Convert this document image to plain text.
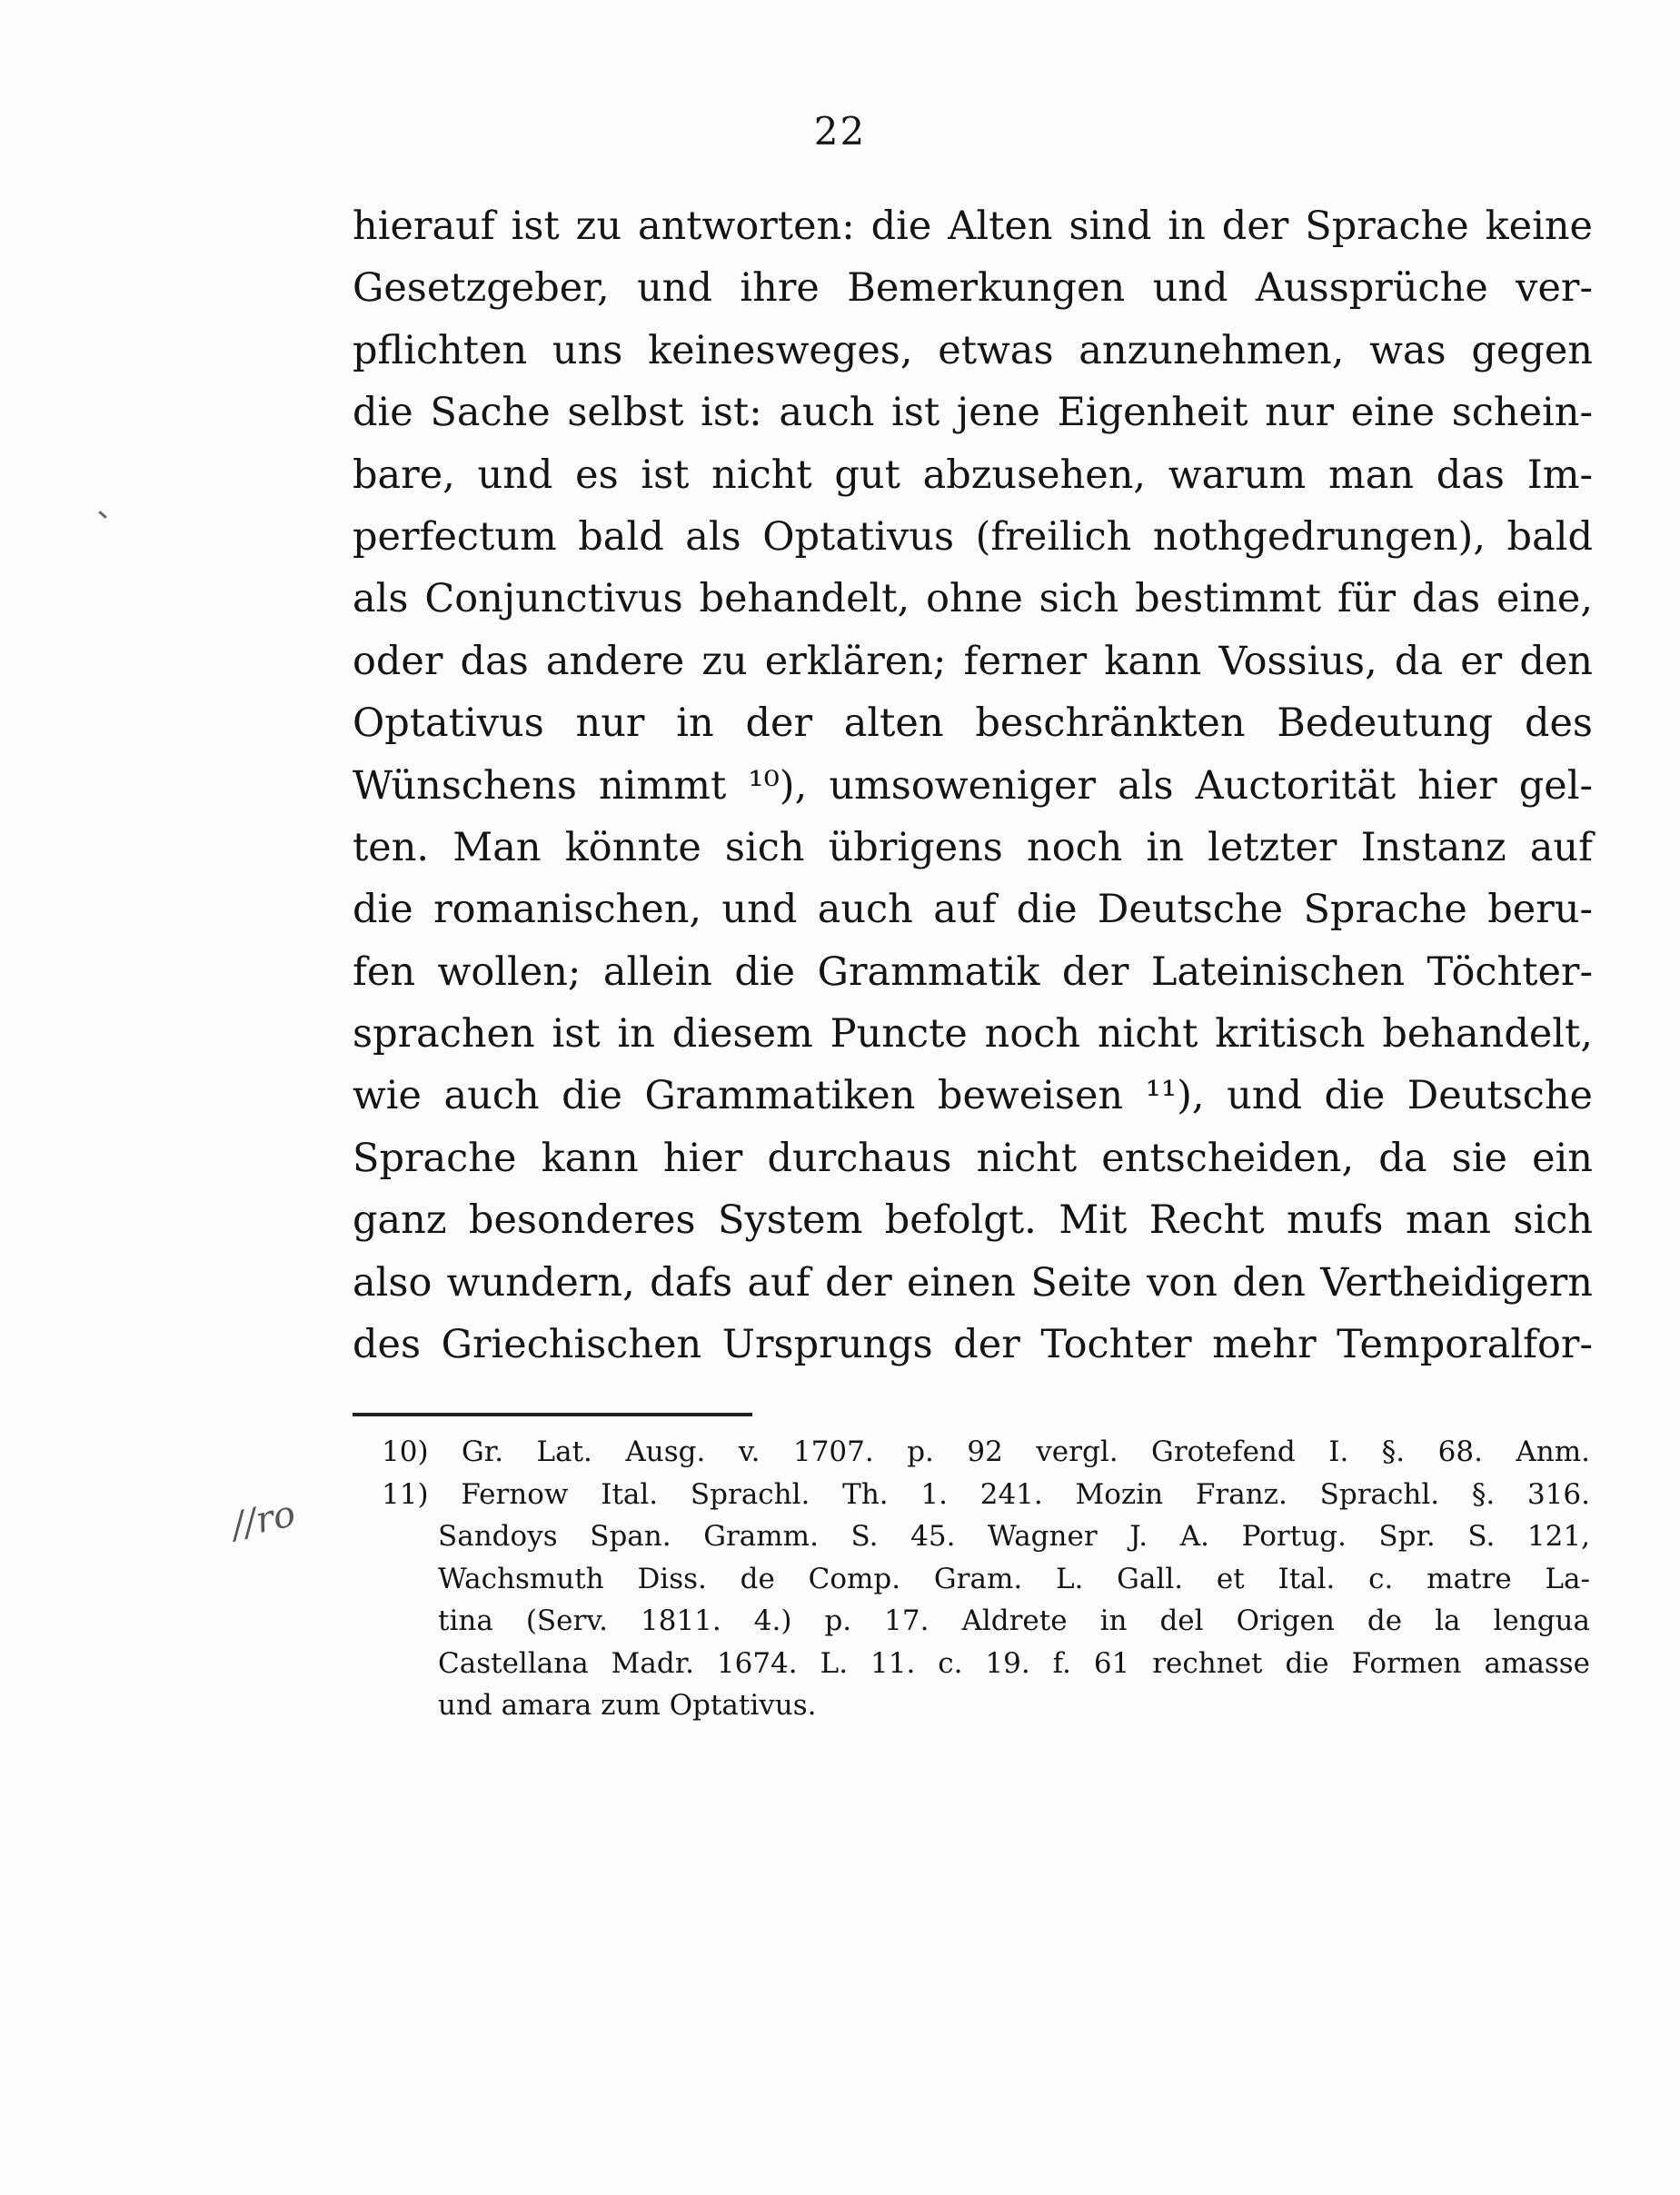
22
hierauf ist zu antworten: die Alten sind in der Sprache keine
Gesetzgeber, und ihre Bemerkungen und Aussprüche ver-
pflichten uns keinesweges, etwas anzunehmen, was gegen
die Sache selbst ist: auch ist jene Eigenheit nur eine schein-
bare, und es ist nicht gut abzusehen, warum man das Im-
perfectum bald als Optativus (freilich nothgedrungen), bald
als Conjunctivus behandelt, ohne sich bestimmt für das eine,
oder das andere zu erklären; ferner kann Vossius, da er den
Optativus nur in der alten beschränkten Bedeutung des
Wünschens nimmt ¹⁰), umsoweniger als Auctorität hier gel-
ten. Man könnte sich übrigens noch in letzter Instanz auf
die romanischen, und auch auf die Deutsche Sprache beru-
fen wollen; allein die Grammatik der Lateinischen Töchter-
sprachen ist in diesem Puncte noch nicht kritisch behandelt,
wie auch die Grammatiken beweisen ¹¹), und die Deutsche
Sprache kann hier durchaus nicht entscheiden, da sie ein
ganz besonderes System befolgt. Mit Recht mufs man sich
also wundern, dafs auf der einen Seite von den Vertheidigern
des Griechischen Ursprungs der Tochter mehr Temporalfor-
10) Gr. Lat. Ausg. v. 1707. p. 92 vergl. Grotefend I. §. 68. Anm.
11) Fernow Ital. Sprachl. Th. 1. 241. Mozin Franz. Sprachl. §. 316.
Sandoys Span. Gramm. S. 45. Wagner J. A. Portug. Spr. S. 121,
Wachsmuth Diss. de Comp. Gram. L. Gall. et Ital. c. matre La-
tina (Serv. 1811. 4.) p. 17. Aldrete in del Origen de la lengua
Castellana Madr. 1674. L. 11. c. 19. f. 61 rechnet die Formen amasse
und amara zum Optativus.
//ro
